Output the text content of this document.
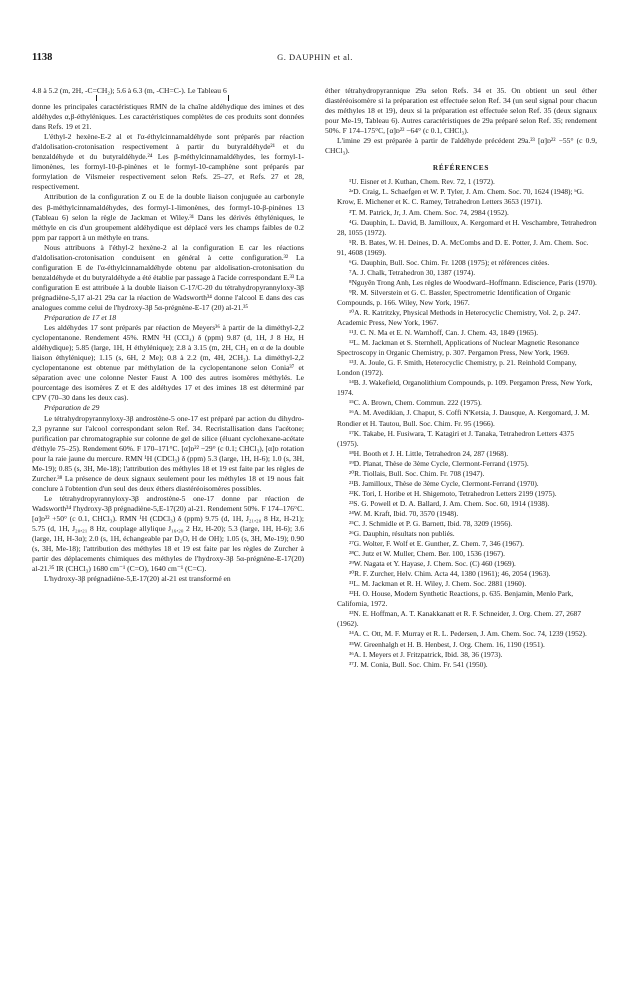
1138	G. DAUPHIN et al.

4.8 à 5.2 (m, 2H, -C=CH₂); 5.6 à 6.3 (m, -CH=C-). Le Tableau 6

donne les principales caractéristiques RMN de la chaîne aldéhydique des imines et des aldéhydes α,β-éthyléniques. Les caractéristiques complètes de ces produits sont données dans Refs. 19 et 21.

L'éthyl-2 hexène-E-2 al et l'α-éthylcinnamaldéhyde sont préparés par réaction d'aldolisation-crotonisation respectivement à partir du butyraldéhyde²¹ et du benzaldéhyde et du butyraldéhyde.²⁴ Les β-méthylcinnamaldéhydes, les formyl-1-limonènes, les formyl-10-β-pinènes et le formyl-10-camphène sont préparés par formylation de Vilsmeier respectivement selon Refs. 25–27, et Refs. 27 et 28, respectivement.

Attribution de la configuration Z ou E de la double liaison conjuguée au carbonyle des β-méthylcinnamaldéhydes, des formyl-1-limonènes, des formyl-10-β-pinènes 13 (Tableau 6) selon la règle de Jackman et Wiley.³¹ Dans les dérivés éthyléniques, le méthyle en cis d'un groupement aldéhydique est déplacé vers les champs faibles de 0.2 ppm par rapport à un méthyle en trans.

Nous attribuons à l'éthyl-2 hexène-2 al la configuration E car les réactions d'aldolisation-crotonisation conduisent en général à cette configuration.³² La configuration E de l'α-éthylcinnamaldéhyde obtenu par aldolisation-crotonisation du benzaldéhyde et du butyraldéhyde a été établie par passage à l'acide correspondant E.³³ La configuration E est attribuée à la double liaison C-17/C-20 du tétrahydropyrannyloxy-3β prégnadiène-5,17 al-21 29a car la réaction de Wadsworth³⁴ donne l'alcool E dans des cas analogues comme celui de l'hydroxy-3β 5α-prégnène-E-17 (20) al-21.³⁵

Préparation de 17 et 18

Les aldéhydes 17 sont préparés par réaction de Meyers³⁶ à partir de la diméthyl-2,2 cyclopentanone. Rendement 45%. RMN ¹H (CCl₄) δ (ppm) 9.87 (d, 1H, J 8 Hz, H aldéhydique); 5.85 (large, 1H, H éthylénique); 2.8 à 3.15 (m, 2H, CH₂ en α de la double liaison éthylénique); 1.15 (s, 6H, 2 Me); 0.8 à 2.2 (m, 4H, 2CH₂). La diméthyl-2,2 cyclopentanone est obtenue par méthylation de la cyclopentanone selon Conia³⁷ et séparation avec une colonne Nester Faust A 100 des autres isomères méthylés. Le pourcentage des isomères Z et E des aldéhydes 17 et des imines 18 est déterminé par CPV (70–30 dans les deux cas).

Préparation de 29

Le tétrahydropyrannyloxy-3β androstène-5 one-17 est préparé par action du dihydro-2,3 pyranne sur l'alcool correspondant selon Ref. 34. Recristallisation dans l'acétone; purification par chromatographie sur colonne de gel de silice (éluant cyclohexane-acétate d'éthyle 75–25). Rendement 60%. F 170–171°C. [α]ᴅ²² −29° (c 0.1; CHCl₃), [α]ᴅ rotation pour la raie jaune du mercure. RMN ¹H (CDCl₃) δ (ppm) 5.3 (large, 1H, H-6); 1.0 (s, 3H, Me-19); 0.85 (s, 3H, Me-18); l'attribution des méthyles 18 et 19 est faite par les règles de Zurcher.³⁸ La présence de deux signaux seulement pour les méthyles 18 et 19 nous fait conclure à l'obtention d'un seul des deux éthers diastéréoisomères possibles.

Le tétrahydropyrannyloxy-3β androstène-5 one-17 donne par réaction de Wadsworth³⁴ l'hydroxy-3β prégnadiène-5,E-17(20) al-21. Rendement 50%. F 174–176°C. [α]ᴅ²² +50° (c 0.1, CHCl₃). RMN ¹H (CDCl₃) δ (ppm) 9.75 (d, 1H, J₂₁,₂₀ 8 Hz, H-21); 5.75 (d, 1H, J₂₀,₂₁ 8 Hz, couplage allylique J₁₆,₂₀ 2 Hz, H-20); 5.3 (large, 1H, H-6); 3.6 (large, 1H, H-3α); 2.0 (s, 1H, échangeable par D₂O, H de OH); 1.05 (s, 3H, Me-19); 0.90 (s, 3H, Me-18); l'attribution des méthyles 18 et 19 est faite par les règles de Zurcher à partir des déplacements chimiques des méthyles de l'hydroxy-3β 5α-prégnène-E-17(20) al-21.³⁵ IR (CHCl₃) 1680 cm⁻¹ (C=O), 1640 cm⁻¹ (C=C).

L'hydroxy-3β prégnadiène-5,E-17(20) al-21 est transformé en

éther tétrahydropyrannique 29a selon Refs. 34 et 35. On obtient un seul éther diastéréoisomère si la préparation est effectuée selon Ref. 34 (un seul signal pour chacun des méthyles 18 et 19), deux si la préparation est effectuée selon Ref. 35 (deux signaux pour Me-19, Tableau 6). Autres caractéristiques de 29a préparé selon Ref. 35; rendement 50%. F 174–175°C, [α]ᴅ²² −64° (c 0.1, CHCl₃).

L'imine 29 est préparée à partir de l'aldéhyde précédent 29a.²³ [α]ᴅ²² −55° (c 0.9, CHCl₃).

RÉFÉRENCES

¹U. Eisner et J. Kuthan, Chem. Rev. 72, 1 (1972).

²ᵃD. Craig, L. Schaefgen et W. P. Tyler, J. Am. Chem. Soc. 70, 1624 (1948); ᵇG. Krow, E. Michener et K. C. Ramey, Tetrahedron Letters 3653 (1971).

³T. M. Patrick, Jr, J. Am. Chem. Soc. 74, 2984 (1952).

⁴G. Dauphin, L. David, B. Jamilloux, A. Kergomard et H. Veschambre, Tetrahedron 28, 1055 (1972).

⁵R. B. Bates, W. H. Deines, D. A. McCombs and D. E. Potter, J. Am. Chem. Soc. 91, 4608 (1969).

⁶G. Dauphin, Bull. Soc. Chim. Fr. 1208 (1975); et références citées.

⁷A. J. Chalk, Tetrahedron 30, 1387 (1974).

⁸Nguyên Trong Anh, Les règles de Woodward–Hoffmann. Ediscience, Paris (1970).

⁹R. M. Silverstein et G. C. Bassler, Spectrometric Identification of Organic Compounds, p. 166. Wiley, New York, 1967.

¹⁰A. R. Katritzky, Physical Methods in Heterocyclic Chemistry, Vol. 2, p. 247. Academic Press, New York, 1967.

¹¹J. C. N. Ma et E. N. Warnhoff, Can. J. Chem. 43, 1849 (1965).

¹²L. M. Jackman et S. Sternhell, Applications of Nuclear Magnetic Resonance Spectroscopy in Organic Chemistry, p. 307. Pergamon Press, New York, 1969.

¹³J. A. Joule, G. F. Smith, Heterocyclic Chemistry, p. 21. Reinhold Company, London (1972).

¹⁴B. J. Wakefield, Organolithium Compounds, p. 109. Pergamon Press, New York, 1974.

¹⁵C. A. Brown, Chem. Commun. 222 (1975).

¹⁶A. M. Avedikian, J. Chaput, S. Coffi N'Ketsia, J. Dausque, A. Kergomard, J. M. Rondier et H. Tautou, Bull. Soc. Chim. Fr. 95 (1966).

¹⁷K. Takabe, H. Fusiwara, T. Katagiri et J. Tanaka, Tetrahedron Letters 4375 (1975).

¹⁸H. Booth et J. H. Little, Tetrahedron 24, 287 (1968).

¹⁹D. Planat, Thèse de 3ème Cycle, Clermont-Ferrand (1975).

²⁰R. Tiollais, Bull. Soc. Chim. Fr. 708 (1947).

²¹B. Jamilloux, Thèse de 3ème Cycle, Clermont-Ferrand (1970).

²²K. Tori, I. Horibe et H. Shigemoto, Tetrahedron Letters 2199 (1975).

²³S. G. Powell et D. A. Ballard, J. Am. Chem. Soc. 60, 1914 (1938).

²⁴W. M. Kraft, Ibid. 70, 3570 (1948).

²⁵C. J. Schmidle et P. G. Barnett, Ibid. 78, 3209 (1956).

²⁶G. Dauphin, résultats non publiés.

²⁷G. Wolter, F. Wolf et E. Gunther, Z. Chem. 7, 346 (1967).

²⁸C. Jutz et W. Muller, Chem. Ber. 100, 1536 (1967).

²⁹W. Nagata et Y. Hayase, J. Chem. Soc. (C) 460 (1969).

³⁰R. F. Zurcher, Helv. Chim. Acta 44, 1380 (1961); 46, 2054 (1963).

³¹L. M. Jackman et R. H. Wiley, J. Chem. Soc. 2881 (1960).

³²H. O. House, Modern Synthetic Reactions, p. 635. Benjamin, Menlo Park, California, 1972.

³³N. E. Hoffman, A. T. Kanakkanatt et R. F. Schneider, J. Org. Chem. 27, 2687 (1962).

³⁴A. C. Ott, M. F. Murray et R. L. Pedersen, J. Am. Chem. Soc. 74, 1239 (1952).

³⁵W. Greenhalgh et H. B. Henbest, J. Org. Chem. 16, 1190 (1951).

³⁶A. I. Meyers et J. Fritzpatrick, Ibid. 38, 36 (1973).

³⁷J. M. Conia, Bull. Soc. Chim. Fr. 541 (1950).
